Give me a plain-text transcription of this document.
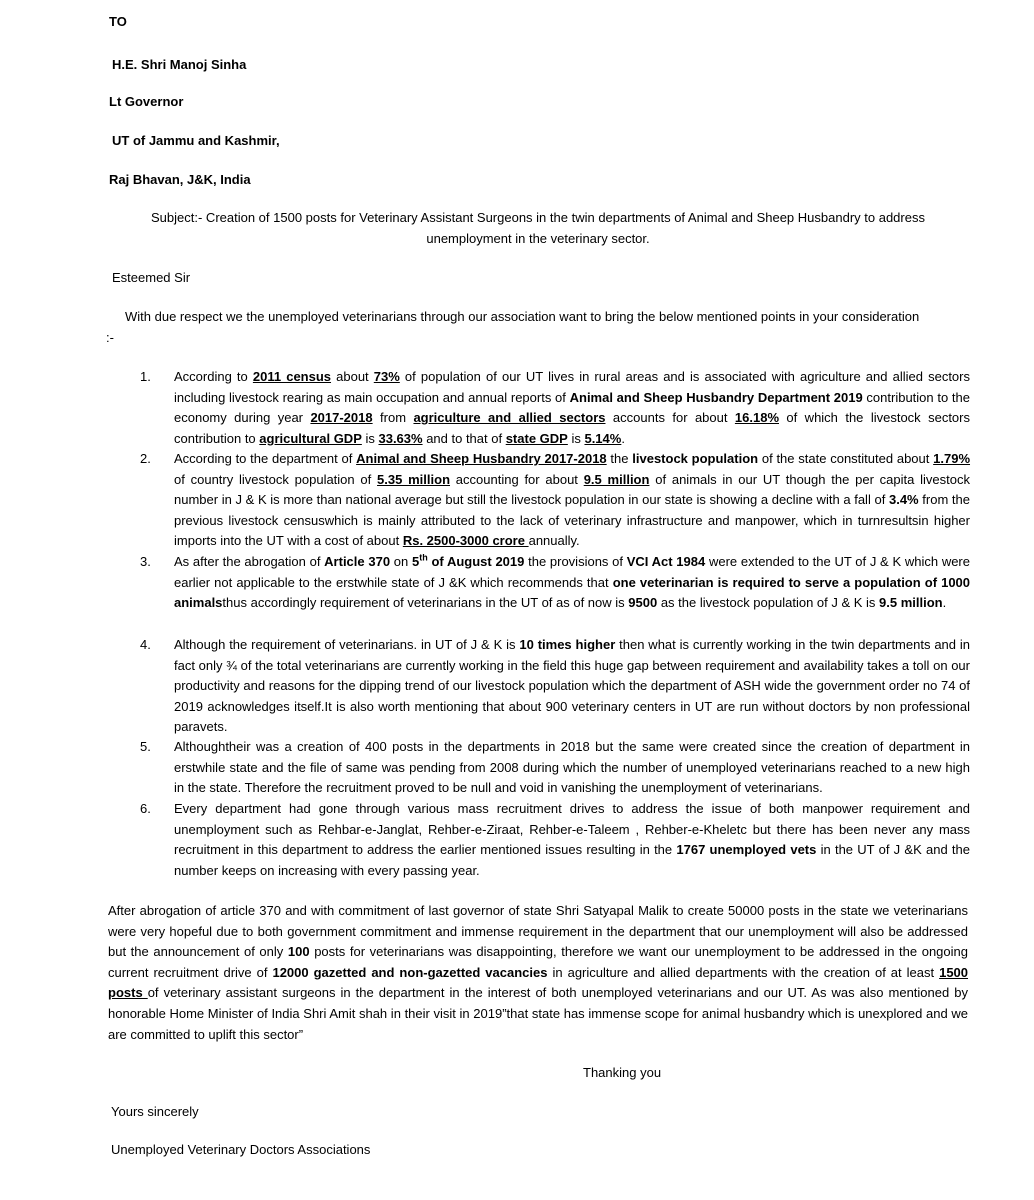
TO
H.E. Shri Manoj Sinha
Lt Governor
UT of Jammu and Kashmir,
Raj Bhavan, J&K, India
Subject:- Creation of 1500 posts for Veterinary Assistant Surgeons in the twin departments of Animal and Sheep Husbandry to address unemployment in the veterinary sector.
Esteemed Sir
With due respect we the unemployed veterinarians through our association want to bring the below mentioned points in your consideration
:-
1.	According to 2011 census about 73% of population of our UT lives in rural areas and is associated with agriculture and allied sectors including livestock rearing as main occupation and annual reports of Animal and Sheep Husbandry Department 2019 contribution to the economy during year 2017-2018 from agriculture and allied sectors accounts for about 16.18% of which the livestock sectors contribution to agricultural GDP is 33.63% and to that of state GDP is 5.14%.
2.	According to the department of Animal and Sheep Husbandry 2017-2018 the livestock population of the state constituted about 1.79% of country livestock population of 5.35 million accounting for about 9.5 million of animals in our UT though the per capita livestock number in J & K is more than national average but still the livestock population in our state is showing a decline with a fall of 3.4% from the previous livestock censuswhich is mainly attributed to the lack of veterinary infrastructure and manpower, which in turnresultsin higher imports into the UT with a cost of about Rs. 2500-3000 crore annually.
3.	As after the abrogation of Article 370 on 5th of August 2019 the provisions of VCI Act 1984 were extended to the UT of J & K which were earlier not applicable to the erstwhile state of J &K which recommends that one veterinarian is required to serve a population of 1000 animalsthus accordingly requirement of veterinarians in the UT of as of now is 9500 as the livestock population of J & K is 9.5 million.
4.	Although the requirement of veterinarians. in UT of J & K is 10 times higher then what is currently working in the twin departments and in fact only ¾ of the total veterinarians are currently working in the field this huge gap between requirement and availability takes a toll on our productivity and reasons for the dipping trend of our livestock population which the department of ASH wide the government order no 74 of 2019 acknowledges itself.It is also worth mentioning that about 900 veterinary centers in UT are run without doctors by non professional paravets.
5.	Althoughtheir was a creation of 400 posts in the departments in 2018 but the same were created since the creation of department in erstwhile state and the file of same was pending from 2008 during which the number of unemployed veterinarians reached to a new high in the state. Therefore the recruitment proved to be null and void in vanishing the unemployment of veterinarians.
6.	Every department had gone through various mass recruitment drives to address the issue of both manpower requirement and unemployment such as Rehbar-e-Janglat, Rehber-e-Ziraat, Rehber-e-Taleem , Rehber-e-Kheletc but there has been never any mass recruitment in this department to address the earlier mentioned issues resulting in the 1767 unemployed vets in the UT of J &K and the number keeps on increasing with every passing year.
After abrogation of article 370 and with commitment of last governor of state Shri Satyapal Malik to create 50000 posts in the state we veterinarians were very hopeful due to both government commitment and immense requirement in the department that our unemployment will also be addressed but the announcement of only 100 posts for veterinarians was disappointing, therefore we want our unemployment to be addressed in the ongoing current recruitment drive of 12000 gazetted and non-gazetted vacancies in agriculture and allied departments with the creation of at least 1500 posts of veterinary assistant surgeons in the department in the interest of both unemployed veterinarians and our UT. As was also mentioned by honorable Home Minister of India Shri Amit shah in their visit in 2019”that state has immense scope for animal husbandry which is unexplored and we are committed to uplift this sector”
Thanking you
Yours sincerely
Unemployed Veterinary Doctors Associations
